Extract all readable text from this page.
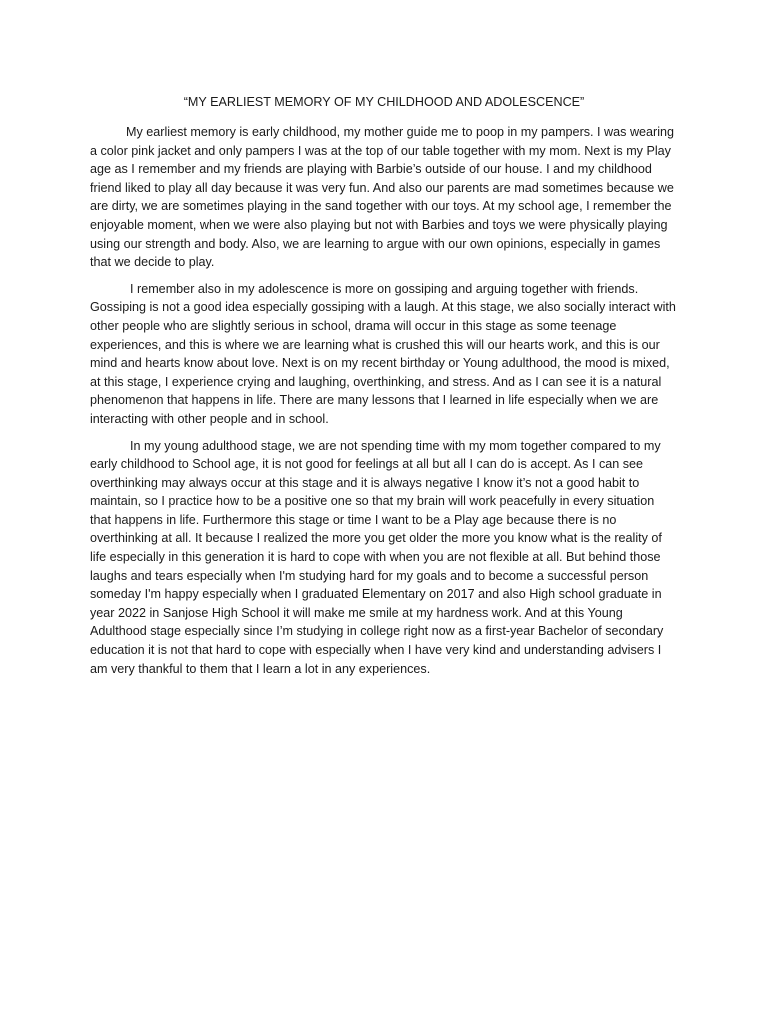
“MY EARLIEST MEMORY OF MY CHILDHOOD AND ADOLESCENCE”

My earliest memory is early childhood, my mother guide me to poop in my pampers. I was wearing a color pink jacket and only pampers I was at the top of our table together with my mom. Next is my Play age as I remember and my friends are playing with Barbie’s outside of our house. I and my childhood friend liked to play all day because it was very fun. And also our parents are mad sometimes because we are dirty, we are sometimes playing in the sand together with our toys. At my school age, I remember the enjoyable moment, when we were also playing but not with Barbies and toys we were physically playing using our strength and body. Also, we are learning to argue with our own opinions, especially in games that we decide to play.

I remember also in my adolescence is more on gossiping and arguing together with friends. Gossiping is not a good idea especially gossiping with a laugh. At this stage, we also socially interact with other people who are slightly serious in school, drama will occur in this stage as some teenage experiences, and this is where we are learning what is crushed this will our hearts work, and this is our mind and hearts know about love. Next is on my recent birthday or Young adulthood, the mood is mixed, at this stage, I experience crying and laughing, overthinking, and stress. And as I can see it is a natural phenomenon that happens in life. There are many lessons that I learned in life especially when we are interacting with other people and in school.

In my young adulthood stage, we are not spending time with my mom together compared to my early childhood to School age, it is not good for feelings at all but all I can do is accept. As I can see overthinking may always occur at this stage and it is always negative I know it’s not a good habit to maintain, so I practice how to be a positive one so that my brain will work peacefully in every situation that happens in life. Furthermore this stage or time I want to be a Play age because there is no overthinking at all. It because I realized the more you get older the more you know what is the reality of life especially in this generation it is hard to cope with when you are not flexible at all. But behind those laughs and tears especially when I'm studying hard for my goals and to become a successful person someday I'm happy especially when I graduated Elementary on 2017 and also High school graduate in year 2022 in Sanjose High School it will make me smile at my hardness work. And at this Young Adulthood stage especially since I’m studying in college right now as a first-year Bachelor of secondary education it is not that hard to cope with especially when I have very kind and understanding advisers I am very thankful to them that I learn a lot in any experiences.
